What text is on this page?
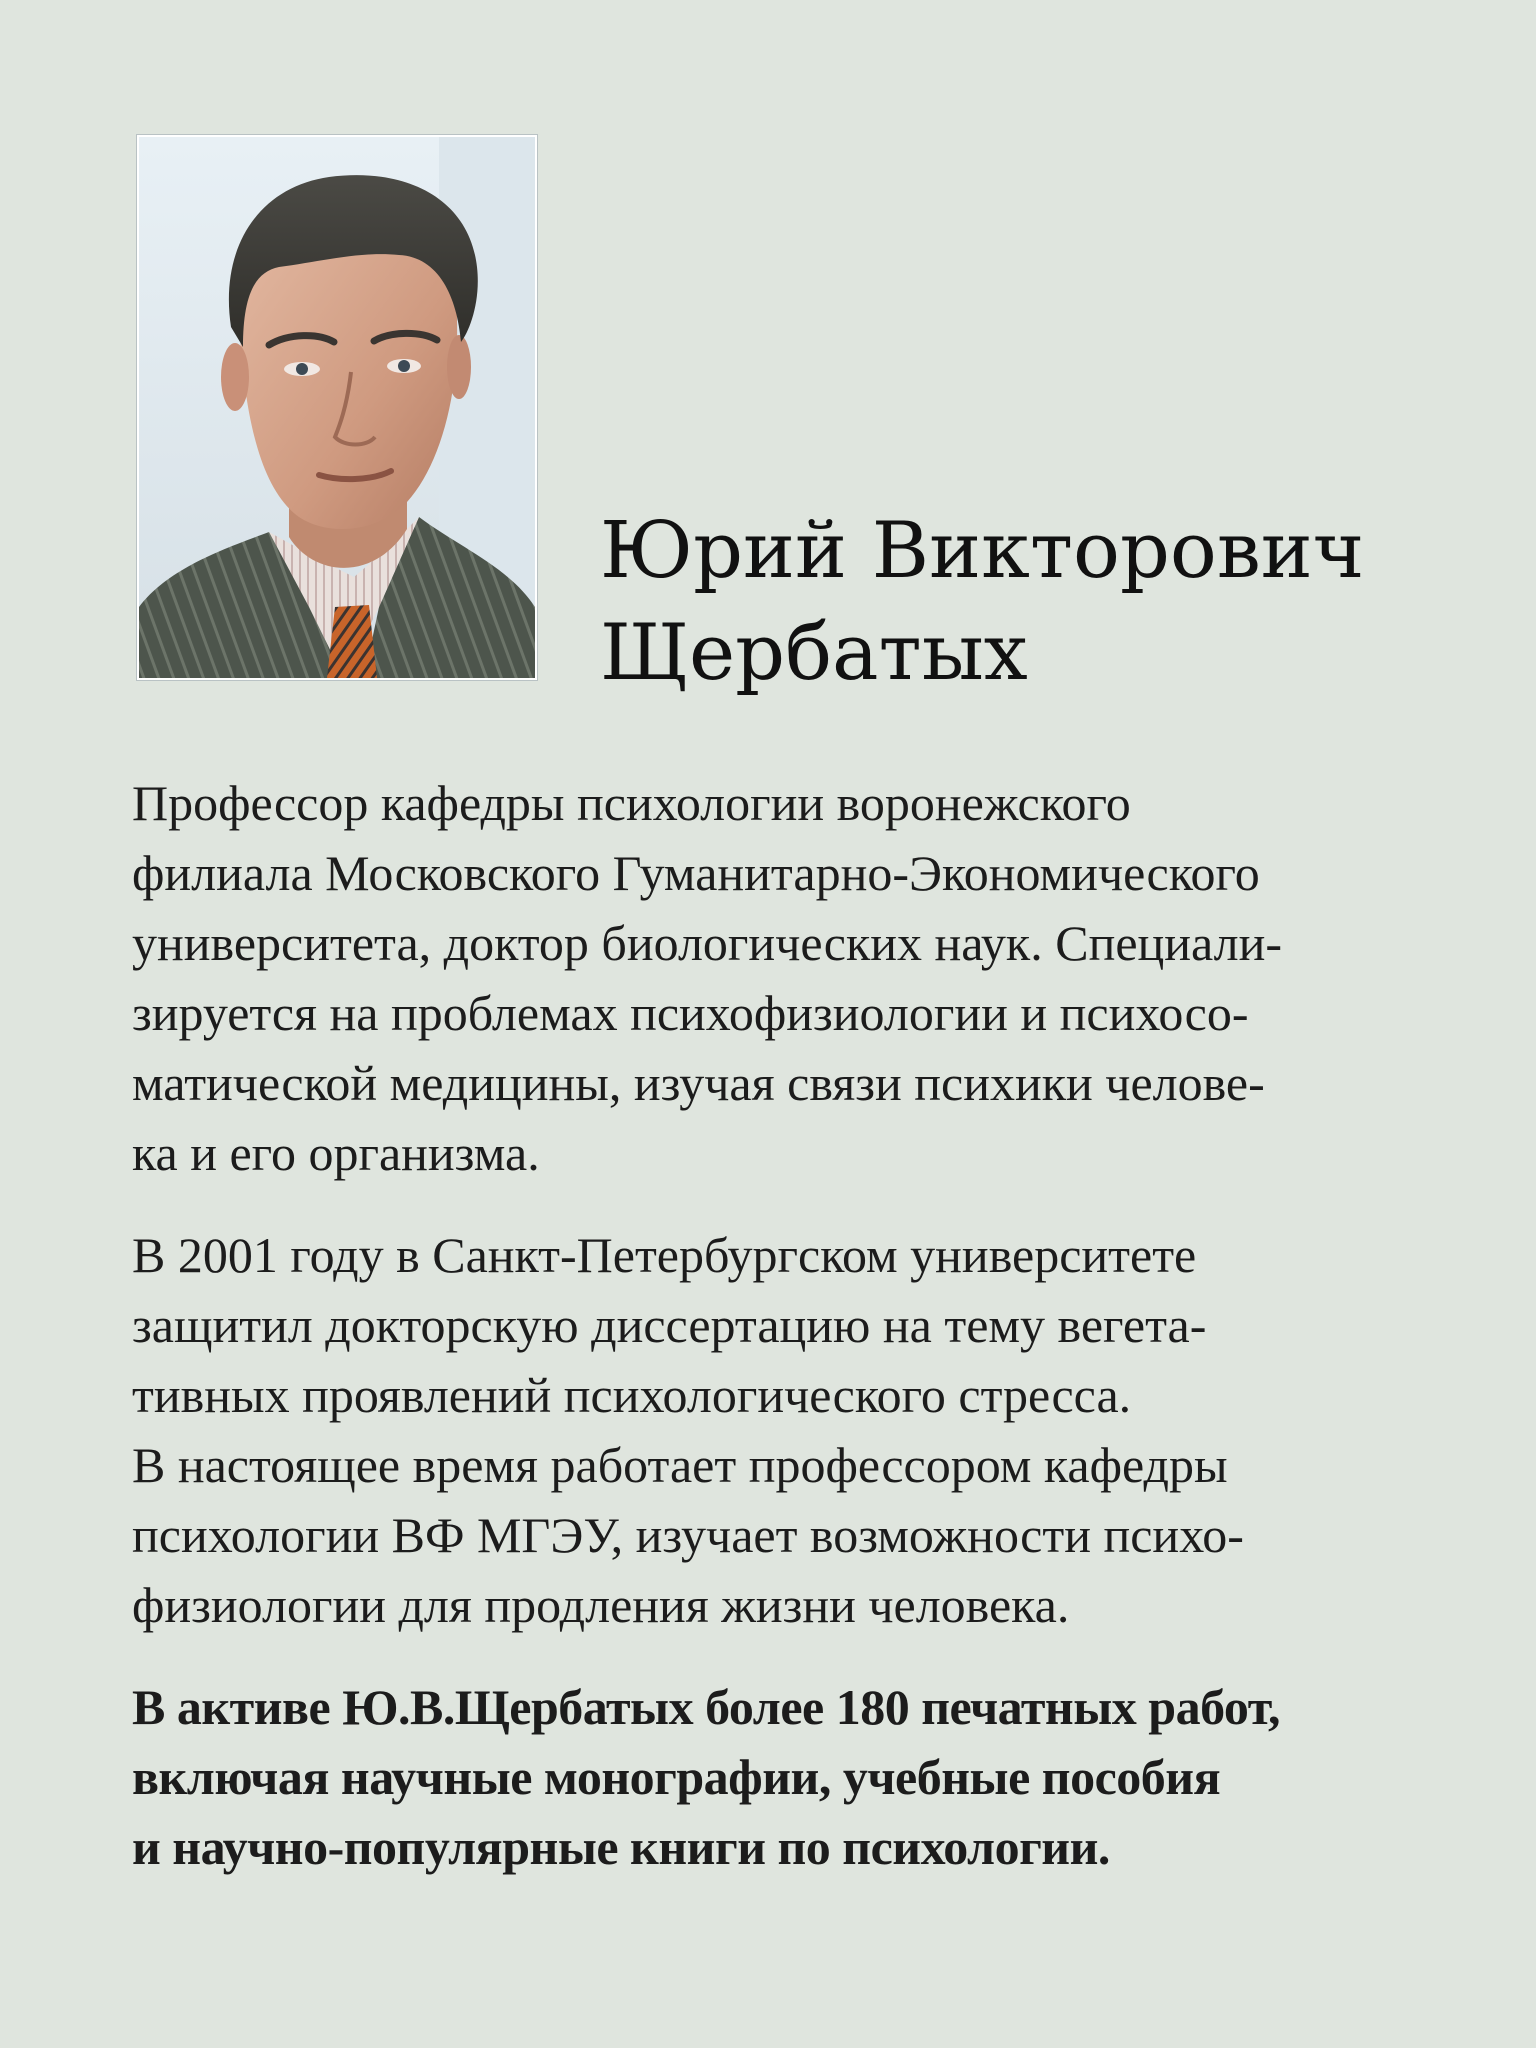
Юрий Викторович
Щербатых

Профессор кафедры психологии воронежского
филиала Московского Гуманитарно-Экономического
университета, доктор биологических наук. Специали-
зируется на проблемах психофизиологии и психосо-
матической медицины, изучая связи психики челове-
ка и его организма.

В 2001 году в Санкт-Петербургском университете
защитил докторскую диссертацию на тему вегета-
тивных проявлений психологического стресса.
В настоящее время работает профессором кафедры
психологии ВФ МГЭУ, изучает возможности психо-
физиологии для продления жизни человека.

В активе Ю.В.Щербатых более 180 печатных работ,
включая научные монографии, учебные пособия
и научно-популярные книги по психологии.
